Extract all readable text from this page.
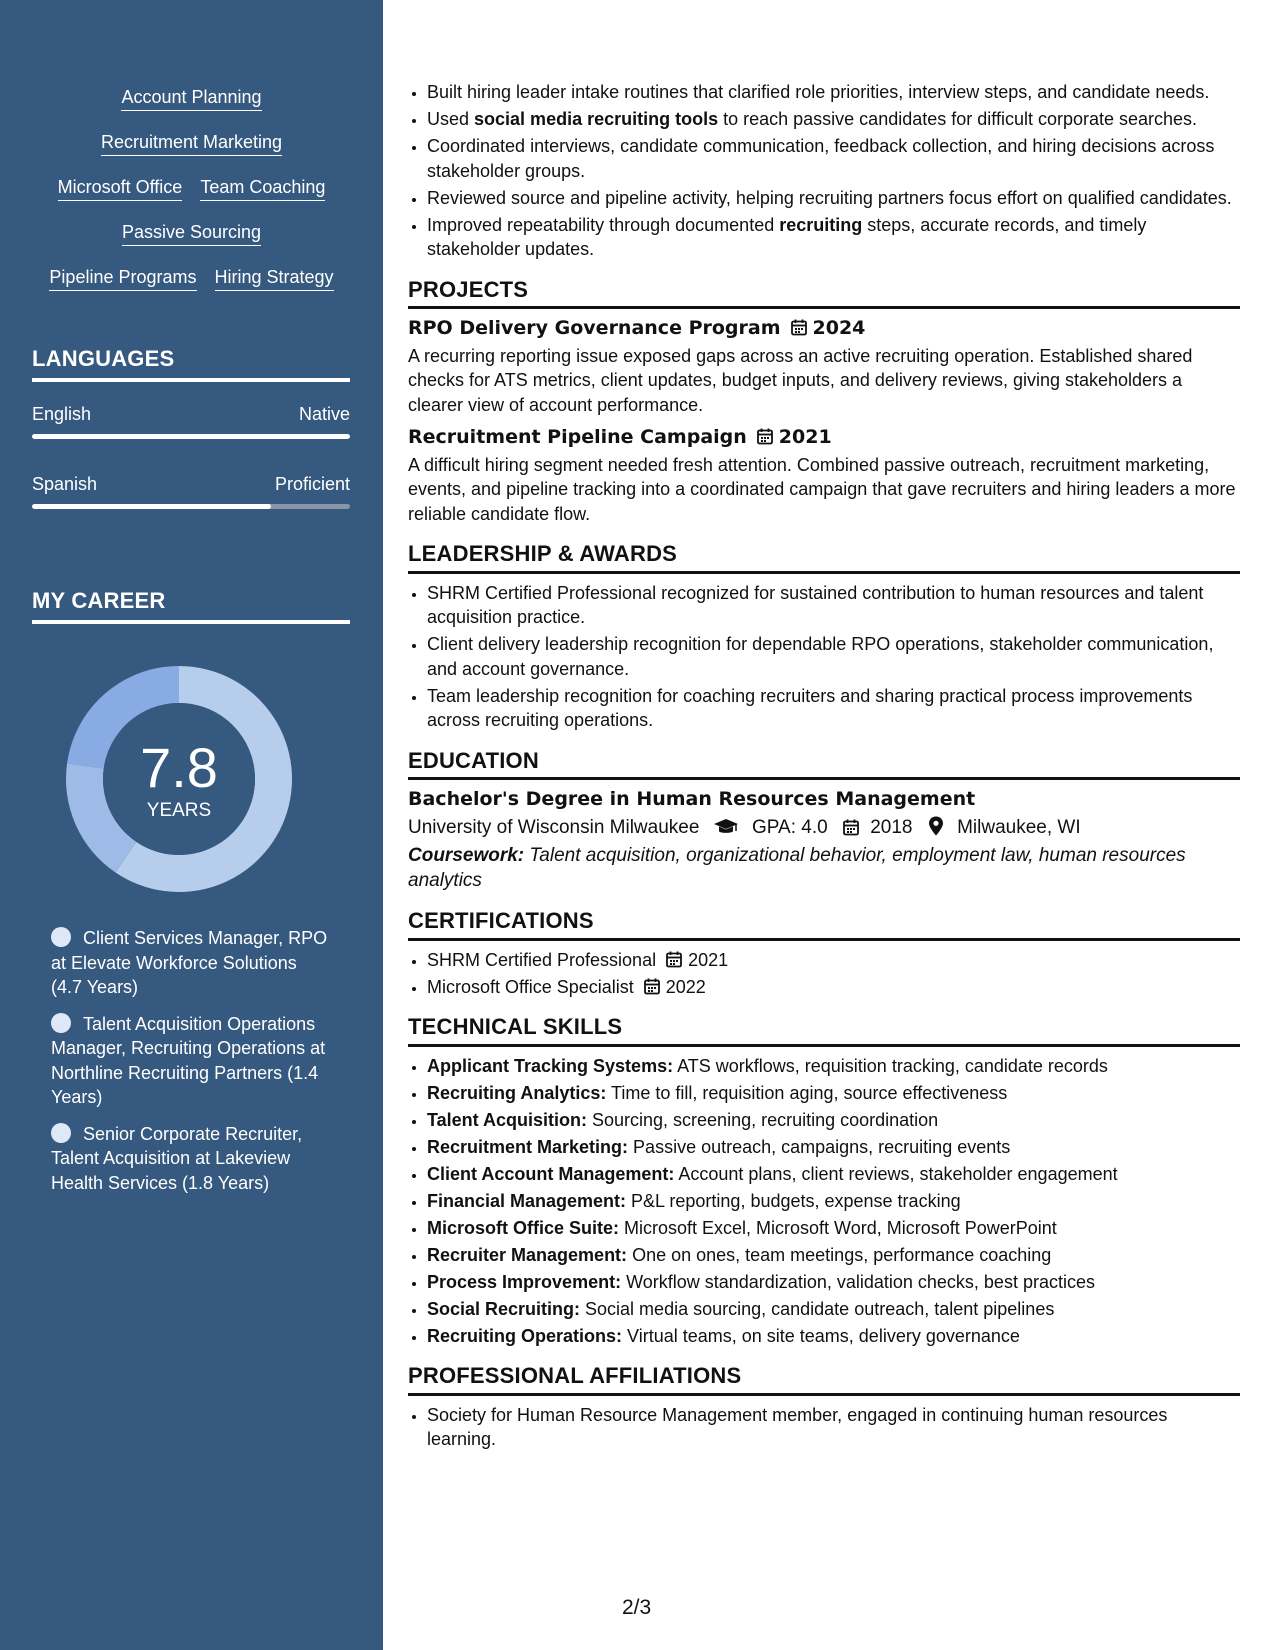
Account Planning
Recruitment Marketing
Microsoft Office Team Coaching
Passive Sourcing
Pipeline Programs Hiring Strategy
LANGUAGES
English	Native
Spanish	Proficient
MY CAREER
7.8
YEARS
Client Services Manager, RPO at Elevate Workforce Solutions (4.7 Years)
Talent Acquisition Operations Manager, Recruiting Operations at Northline Recruiting Partners (1.4 Years)
Senior Corporate Recruiter, Talent Acquisition at Lakeview Health Services (1.8 Years)
• Built hiring leader intake routines that clarified role priorities, interview steps, and candidate needs.
• Used social media recruiting tools to reach passive candidates for difficult corporate searches.
• Coordinated interviews, candidate communication, feedback collection, and hiring decisions across stakeholder groups.
• Reviewed source and pipeline activity, helping recruiting partners focus effort on qualified candidates.
• Improved repeatability through documented recruiting steps, accurate records, and timely stakeholder updates.
PROJECTS
RPO Delivery Governance Program 2024
A recurring reporting issue exposed gaps across an active recruiting operation. Established shared checks for ATS metrics, client updates, budget inputs, and delivery reviews, giving stakeholders a clearer view of account performance.
Recruitment Pipeline Campaign 2021
A difficult hiring segment needed fresh attention. Combined passive outreach, recruitment marketing, events, and pipeline tracking into a coordinated campaign that gave recruiters and hiring leaders a more reliable candidate flow.
LEADERSHIP & AWARDS
• SHRM Certified Professional recognized for sustained contribution to human resources and talent acquisition practice.
• Client delivery leadership recognition for dependable RPO operations, stakeholder communication, and account governance.
• Team leadership recognition for coaching recruiters and sharing practical process improvements across recruiting operations.
EDUCATION
Bachelor's Degree in Human Resources Management
University of Wisconsin Milwaukee	GPA: 4.0 2018 Milwaukee, WI
Coursework: Talent acquisition, organizational behavior, employment law, human resources analytics
CERTIFICATIONS
• SHRM Certified Professional 2021
• Microsoft Office Specialist 2022
TECHNICAL SKILLS
• Applicant Tracking Systems: ATS workflows, requisition tracking, candidate records
• Recruiting Analytics: Time to fill, requisition aging, source effectiveness
• Talent Acquisition: Sourcing, screening, recruiting coordination
• Recruitment Marketing: Passive outreach, campaigns, recruiting events
• Client Account Management: Account plans, client reviews, stakeholder engagement
• Financial Management: P&L reporting, budgets, expense tracking
• Microsoft Office Suite: Microsoft Excel, Microsoft Word, Microsoft PowerPoint
• Recruiter Management: One on ones, team meetings, performance coaching
• Process Improvement: Workflow standardization, validation checks, best practices
• Social Recruiting: Social media sourcing, candidate outreach, talent pipelines
• Recruiting Operations: Virtual teams, on site teams, delivery governance
PROFESSIONAL AFFILIATIONS
• Society for Human Resource Management member, engaged in continuing human resources learning.
2/3
